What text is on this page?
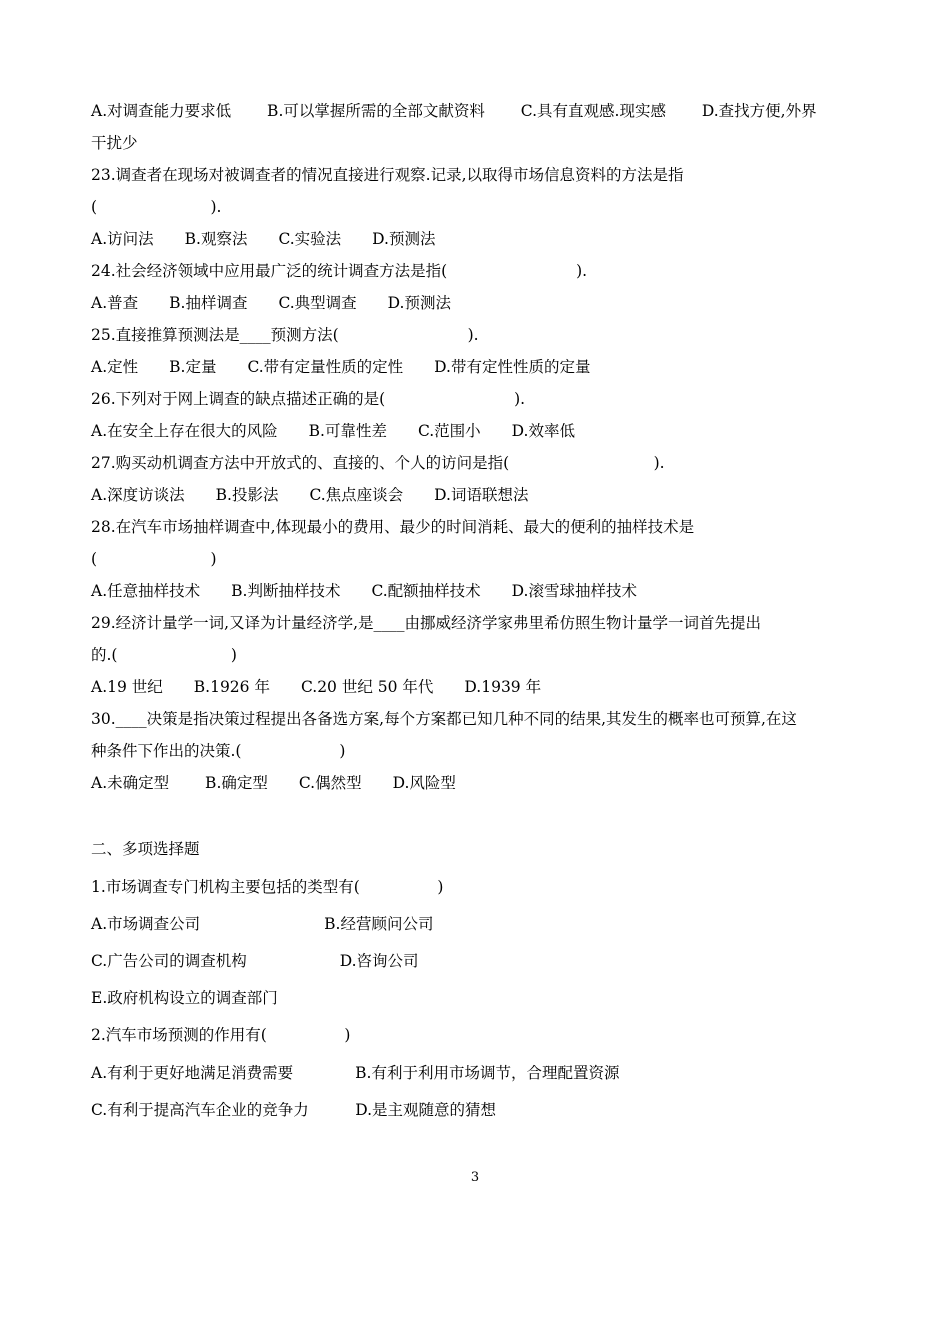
A.对调查能力要求低　　 B.可以掌握所需的全部文献资料　　 C.具有直观感.现实感　　 D.查找方便,外界
干扰少
23.调查者在现场对被调查者的情况直接进行观察.记录,以取得市场信息资料的方法是指
(　　　　　　　 ).
A.访问法　　B.观察法　　C.实验法　　D.预测法
24.社会经济领域中应用最广泛的统计调查方法是指(　　　　　　　　 ).
A.普查　　B.抽样调查　　C.典型调查　　D.预测法
25.直接推算预测法是____预测方法(　　　　　　　　 ).
A.定性　　B.定量　　C.带有定量性质的定性　　D.带有定性性质的定量
26.下列对于网上调查的缺点描述正确的是(　　　　　　　　 ).
A.在安全上存在很大的风险　　B.可靠性差　　C.范围小　　D.效率低
27.购买动机调查方法中开放式的、直接的、个人的访问是指(　　　　　　　　　 ).
A.深度访谈法　　B.投影法　　C.焦点座谈会　　D.词语联想法
28.在汽车市场抽样调查中,体现最小的费用、最少的时间消耗、最大的便利的抽样技术是
(　　　　　　　 )
A.任意抽样技术　　B.判断抽样技术　　C.配额抽样技术　　D.滚雪球抽样技术
29.经济计量学一词,又译为计量经济学,是____由挪威经济学家弗里希仿照生物计量学一词首先提出
的.(　　　　　　　 )
A.19 世纪　　B.1926 年　　C.20 世纪 50 年代　　D.1939 年
30.____决策是指决策过程提出各备选方案,每个方案都已知几种不同的结果,其发生的概率也可预算,在这
种条件下作出的决策.(　　　　　　 )
A.未确定型　　 B.确定型　　C.偶然型　　D.风险型
二、多项选择题
1.市场调查专门机构主要包括的类型有(　　　　　)
A.市场调查公司　　　　　　　　B.经营顾问公司
C.广告公司的调查机构　　　　　　D.咨询公司
E.政府机构设立的调查部门
2.汽车市场预测的作用有(　　　　　)
A.有利于更好地满足消费需要　　　　B.有利于利用市场调节，合理配置资源
C.有利于提高汽车企业的竞争力　　　D.是主观随意的猜想
3
